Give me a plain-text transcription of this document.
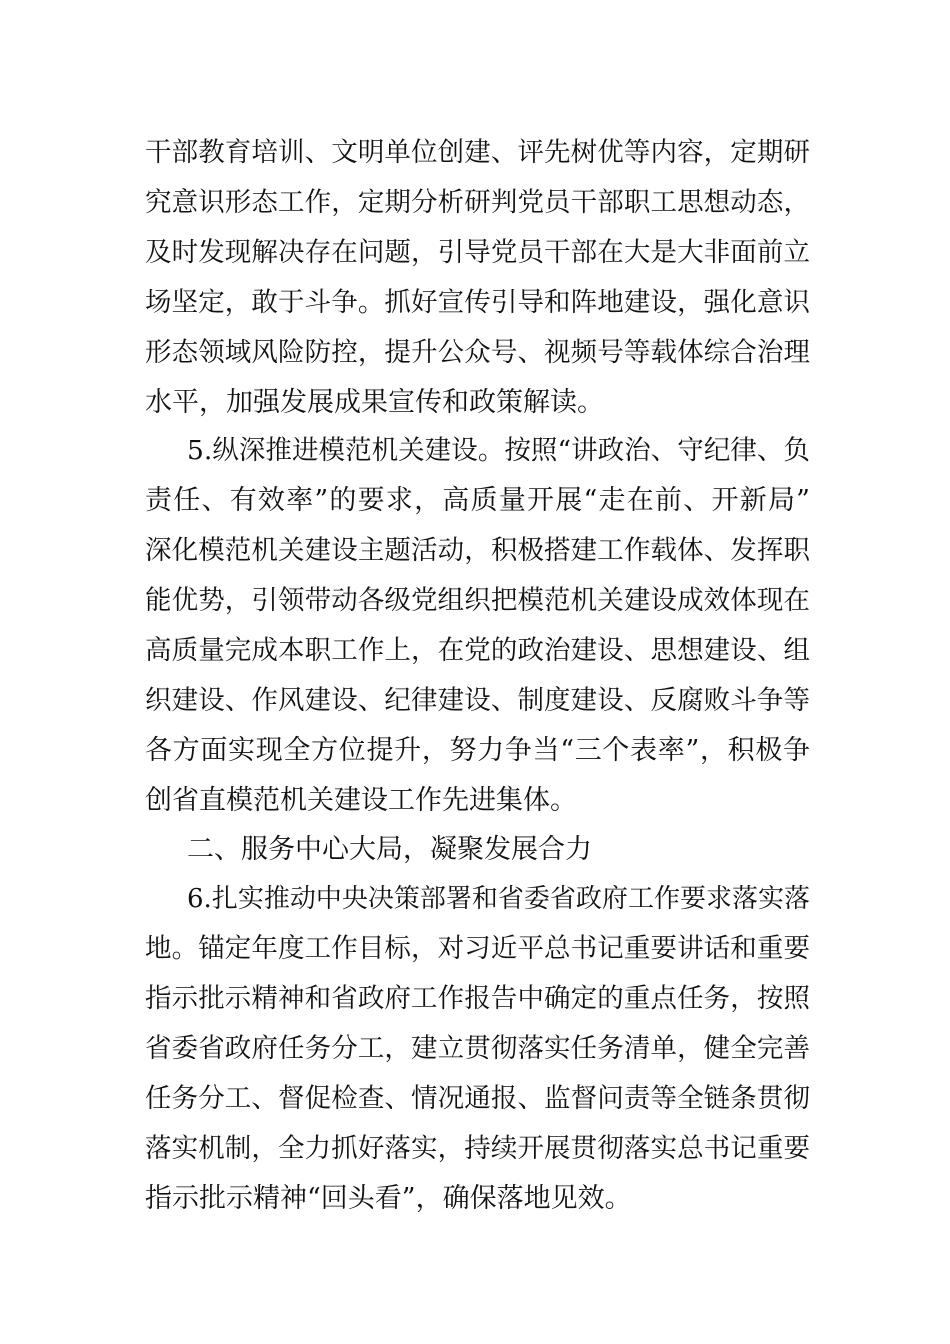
干部教育培训、文明单位创建、评先树优等内容，定期研
究意识形态工作，定期分析研判党员干部职工思想动态，
及时发现解决存在问题，引导党员干部在大是大非面前立
场坚定，敢于斗争。抓好宣传引导和阵地建设，强化意识
形态领域风险防控，提升公众号、视频号等载体综合治理
水平，加强发展成果宣传和政策解读。
5.纵深推进模范机关建设。按照“讲政治、守纪律、负
责任、有效率”的要求，高质量开展“走在前、开新局”
深化模范机关建设主题活动，积极搭建工作载体、发挥职
能优势，引领带动各级党组织把模范机关建设成效体现在
高质量完成本职工作上，在党的政治建设、思想建设、组
织建设、作风建设、纪律建设、制度建设、反腐败斗争等
各方面实现全方位提升，努力争当“三个表率”，积极争
创省直模范机关建设工作先进集体。
二、服务中心大局，凝聚发展合力
6.扎实推动中央决策部署和省委省政府工作要求落实落
地。锚定年度工作目标，对习近平总书记重要讲话和重要
指示批示精神和省政府工作报告中确定的重点任务，按照
省委省政府任务分工，建立贯彻落实任务清单，健全完善
任务分工、督促检查、情况通报、监督问责等全链条贯彻
落实机制，全力抓好落实，持续开展贯彻落实总书记重要
指示批示精神“回头看”，确保落地见效。
